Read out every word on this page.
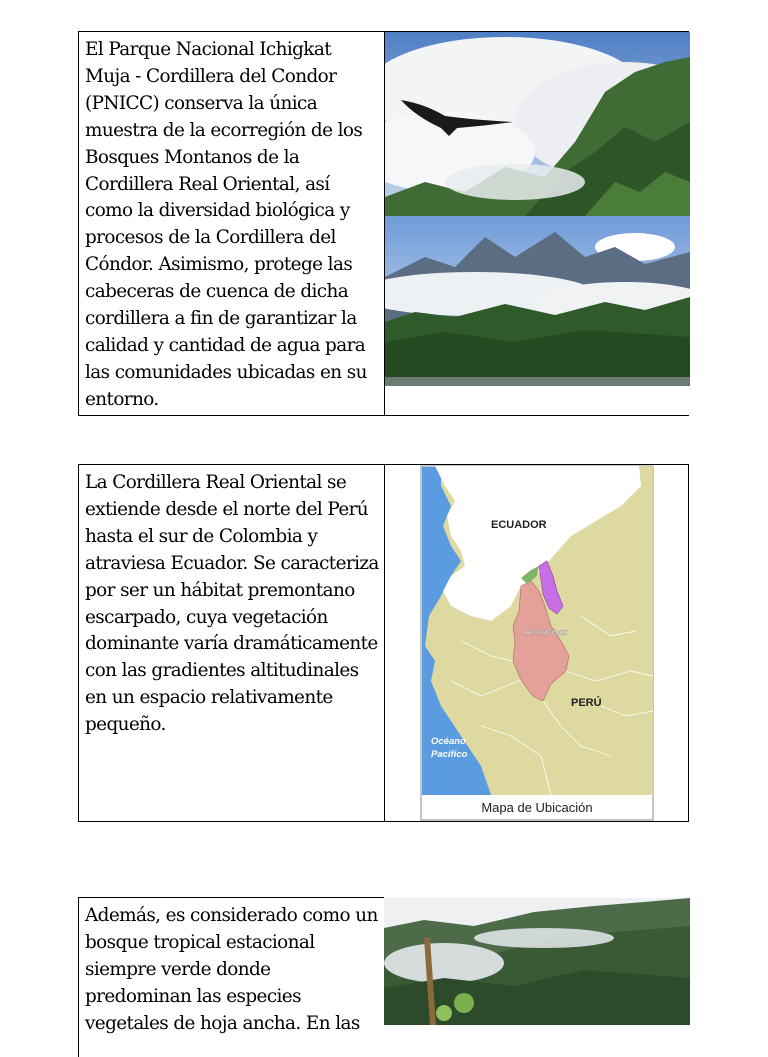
El Parque Nacional Ichigkat Muja - Cordillera del Condor (PNICC) conserva la única muestra de la ecorregión de los Bosques Montanos de la Cordillera Real Oriental, así como la diversidad biológica y procesos de la Cordillera del Cóndor. Asimismo, protege las cabeceras de cuenca de dicha cordillera a fin de garantizar la calidad y cantidad de agua para las comunidades ubicadas en su entorno.

La Cordillera Real Oriental se extiende desde el norte del Perú hasta el sur de Colombia y atraviesa Ecuador. Se caracteriza por ser un hábitat premontano escarpado, cuya vegetación dominante varía dramáticamente con las gradientes altitudinales en un espacio relativamente pequeño.

ECUADOR
PERÚ
Amazonas
Océano
Pacífico
Mapa de Ubicación

Además, es considerado como un bosque tropical estacional siempre verde donde predominan las especies vegetales de hoja ancha. En las
